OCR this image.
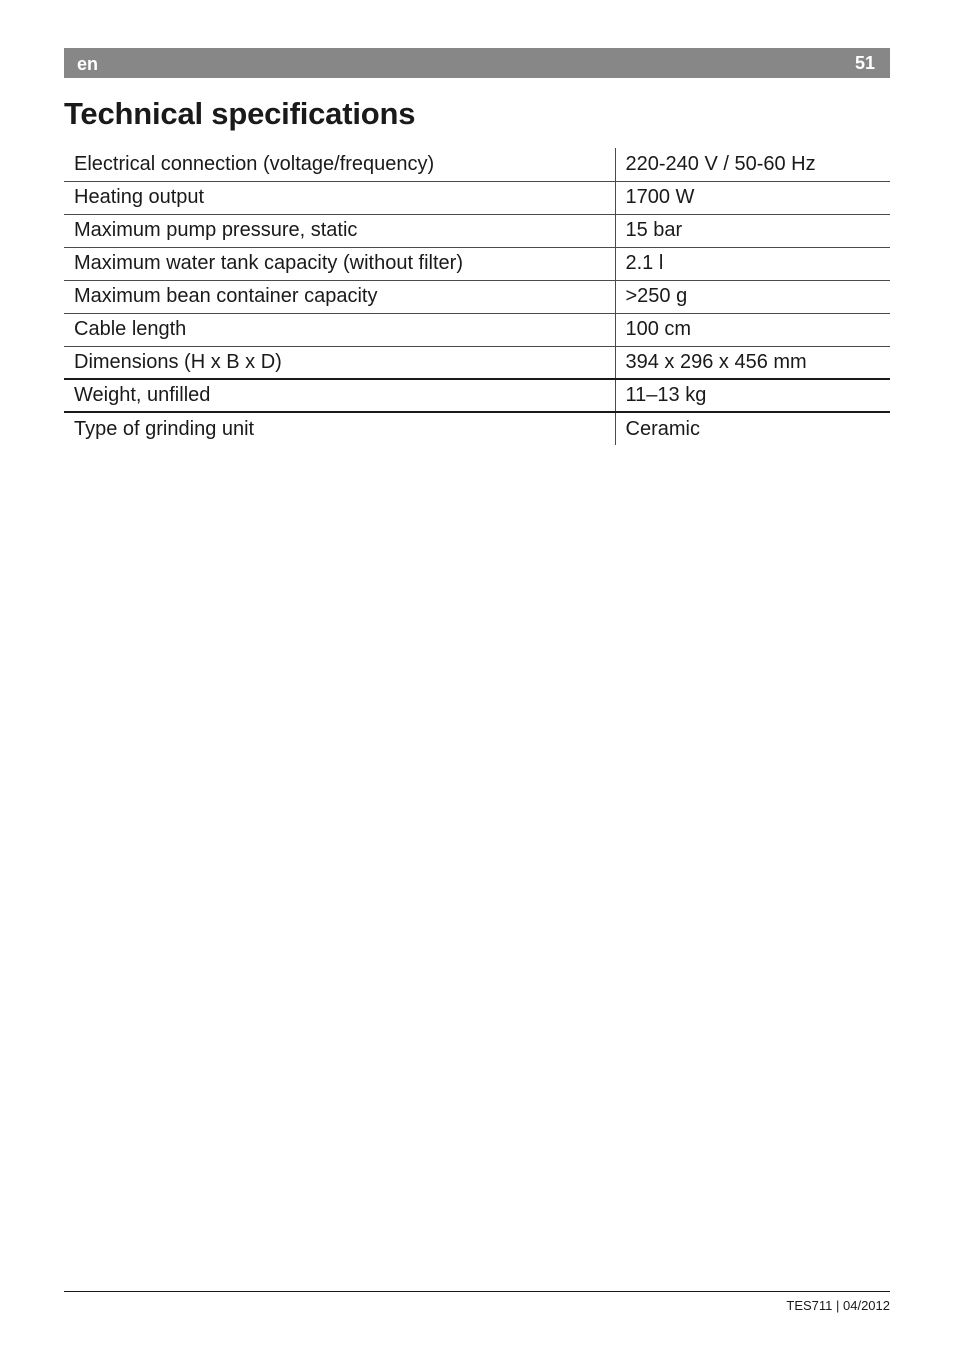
en	51
Technical specifications
Electrical connection (voltage/frequency)	220-240 V / 50-60 Hz
Heating output	1700 W
Maximum pump pressure, static	15 bar
Maximum water tank capacity (without filter)	2.1 l
Maximum bean container capacity	>250 g
Cable length	100 cm
Dimensions (H x B x D)	394 x 296 x 456 mm
Weight, unfilled	11–13 kg
Type of grinding unit	Ceramic
TES711 | 04/2012
